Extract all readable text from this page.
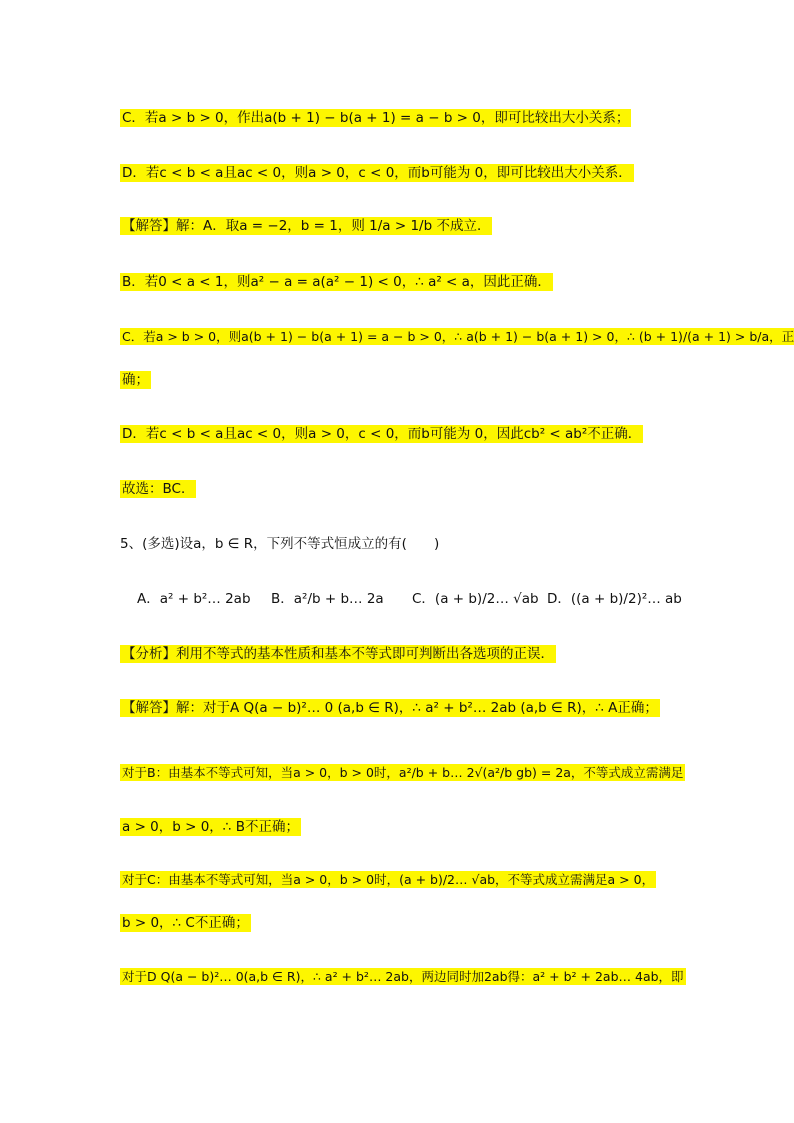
C．若a > b > 0，作出a(b + 1) − b(a + 1) = a − b > 0，即可比较出大小关系；
D．若c < b < a且ac < 0，则a > 0，c < 0，而b可能为 0，即可比较出大小关系．
【解答】解：A．取a = −2，b = 1，则 1/a > 1/b 不成立．
B．若0 < a < 1，则a² − a = a(a² − 1) < 0，∴ a² < a，因此正确．
C．若a > b > 0，则a(b + 1) − b(a + 1) = a − b > 0，∴ a(b + 1) − b(a + 1) > 0，∴ (b + 1)/(a + 1) > b/a，正
确；
D．若c < b < a且ac < 0，则a > 0，c < 0，而b可能为 0，因此cb² < ab²不正确．
故选：BC．
5、(多选)设a，b ∈ R，下列不等式恒成立的有(　　)
A．a² + b²… 2ab B．a²/b + b… 2a C．(a + b)/2… √ab D．((a + b)/2)²… ab
【分析】利用不等式的基本性质和基本不等式即可判断出各选项的正误．
【解答】解：对于A Q(a − b)²… 0 (a,b ∈ R)，∴ a² + b²… 2ab (a,b ∈ R)，∴ A正确；
对于B：由基本不等式可知，当a > 0，b > 0时，a²/b + b… 2√(a²/b gb) = 2a，不等式成立需满足
a > 0，b > 0，∴ B不正确；
对于C：由基本不等式可知，当a > 0，b > 0时，(a + b)/2… √ab，不等式成立需满足a > 0，
b > 0，∴ C不正确；
对于D Q(a − b)²… 0(a,b ∈ R)，∴ a² + b²… 2ab，两边同时加2ab得：a² + b² + 2ab… 4ab，即
